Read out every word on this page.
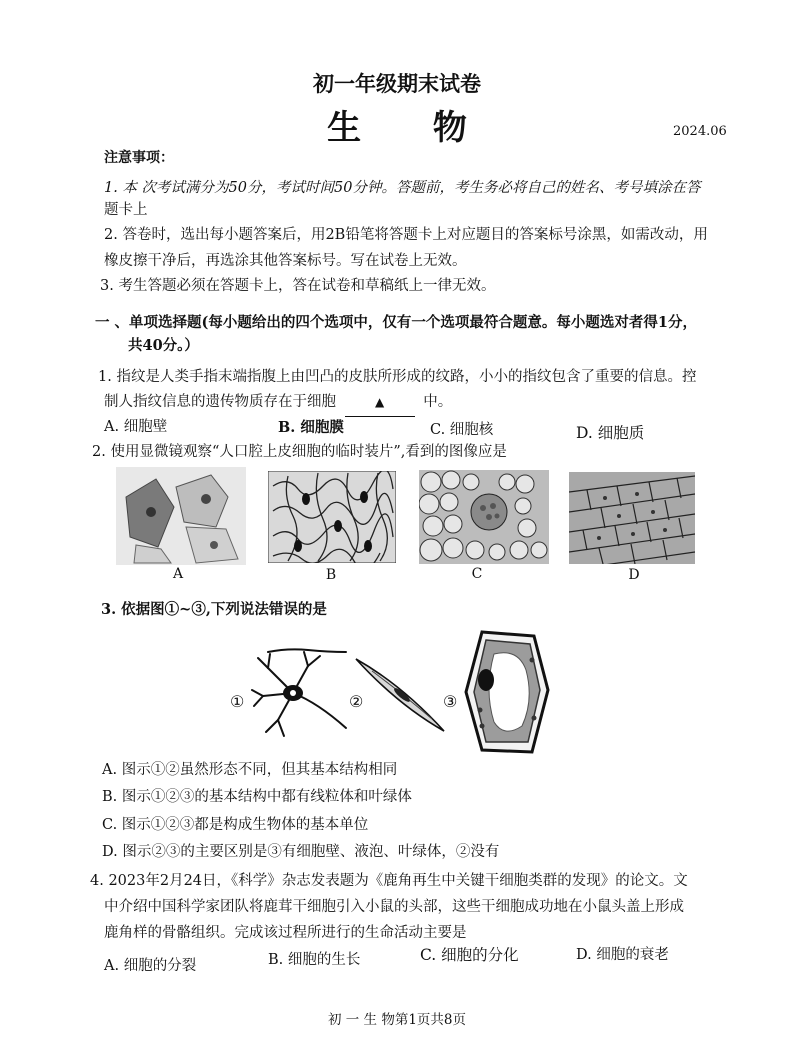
初一年级期末试卷
生 物	2024.06
注意事项：
1. 本 次考试满分为50分，考试时间50分钟。答题前，考生务必将自己的姓名、考号填涂在答
题卡上
2. 答卷时，选出每小题答案后，用2B铅笔将答题卡上对应题目的答案标号涂黑，如需改动，用
橡皮擦干净后，再选涂其他答案标号。写在试卷上无效。
3. 考生答题必须在答题卡上，答在试卷和草稿纸上一律无效。
一 、单项选择题(每小题给出的四个选项中，仅有一个选项最符合题意。每小题选对者得1分，
共40分。）
1. 指纹是人类手指末端指腹上由凹凸的皮肤所形成的纹路，小小的指纹包含了重要的信息。控
制人指纹信息的遗传物质存在于细胞	▲	中。
A. 细胞壁	B. 细胞膜	C. 细胞核	D. 细胞质
2. 使用显微镜观察“人口腔上皮细胞的临时装片”,看到的图像应是
A	B	C	D
3. 依据图①~③,下列说法错误的是
①	②	③
A. 图示①②虽然形态不同，但其基本结构相同
B. 图示①②③的基本结构中都有线粒体和叶绿体
C. 图示①②③都是构成生物体的基本单位
D. 图示②③的主要区别是③有细胞壁、液泡、叶绿体，②没有
4. 2023年2月24日，《科学》杂志发表题为《鹿角再生中关键干细胞类群的发现》的论文。文
中介绍中国科学家团队将鹿茸干细胞引入小鼠的头部，这些干细胞成功地在小鼠头盖上形成
鹿角样的骨骼组织。完成该过程所进行的生命活动主要是
A. 细胞的分裂	B. 细胞的生长	C. 细胞的分化	D. 细胞的衰老
初 一 生 物第1页共8页
